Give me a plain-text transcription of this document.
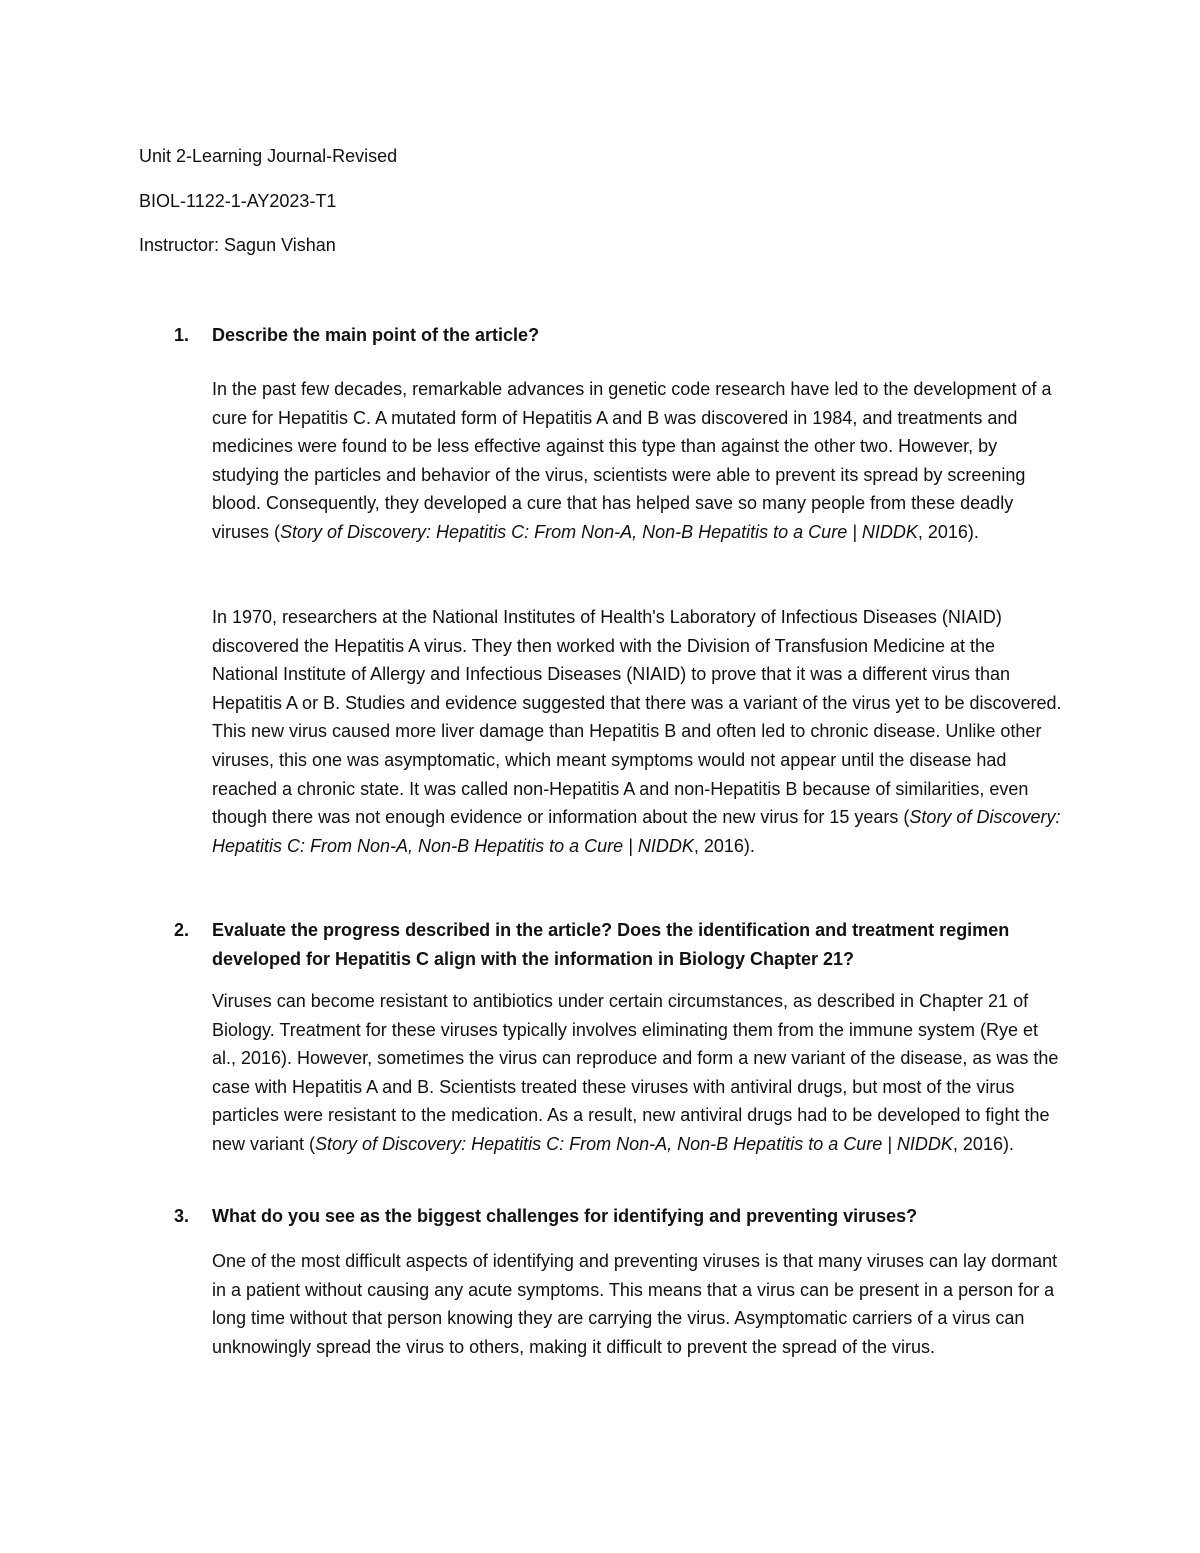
Unit 2-Learning Journal-Revised
BIOL-1122-1-AY2023-T1
Instructor: Sagun Vishan
1. Describe the main point of the article?
In the past few decades, remarkable advances in genetic code research have led to the development of a cure for Hepatitis C. A mutated form of Hepatitis A and B was discovered in 1984, and treatments and medicines were found to be less effective against this type than against the other two. However, by studying the particles and behavior of the virus, scientists were able to prevent its spread by screening blood. Consequently, they developed a cure that has helped save so many people from these deadly viruses (Story of Discovery: Hepatitis C: From Non-A, Non-B Hepatitis to a Cure | NIDDK, 2016).
In 1970, researchers at the National Institutes of Health's Laboratory of Infectious Diseases (NIAID) discovered the Hepatitis A virus. They then worked with the Division of Transfusion Medicine at the National Institute of Allergy and Infectious Diseases (NIAID) to prove that it was a different virus than Hepatitis A or B. Studies and evidence suggested that there was a variant of the virus yet to be discovered. This new virus caused more liver damage than Hepatitis B and often led to chronic disease. Unlike other viruses, this one was asymptomatic, which meant symptoms would not appear until the disease had reached a chronic state. It was called non-Hepatitis A and non-Hepatitis B because of similarities, even though there was not enough evidence or information about the new virus for 15 years (Story of Discovery: Hepatitis C: From Non-A, Non-B Hepatitis to a Cure | NIDDK, 2016).
2. Evaluate the progress described in the article? Does the identification and treatment regimen developed for Hepatitis C align with the information in Biology Chapter 21?
Viruses can become resistant to antibiotics under certain circumstances, as described in Chapter 21 of Biology. Treatment for these viruses typically involves eliminating them from the immune system (Rye et al., 2016). However, sometimes the virus can reproduce and form a new variant of the disease, as was the case with Hepatitis A and B. Scientists treated these viruses with antiviral drugs, but most of the virus particles were resistant to the medication. As a result, new antiviral drugs had to be developed to fight the new variant (Story of Discovery: Hepatitis C: From Non-A, Non-B Hepatitis to a Cure | NIDDK, 2016).
3. What do you see as the biggest challenges for identifying and preventing viruses?
One of the most difficult aspects of identifying and preventing viruses is that many viruses can lay dormant in a patient without causing any acute symptoms. This means that a virus can be present in a person for a long time without that person knowing they are carrying the virus. Asymptomatic carriers of a virus can unknowingly spread the virus to others, making it difficult to prevent the spread of the virus.
